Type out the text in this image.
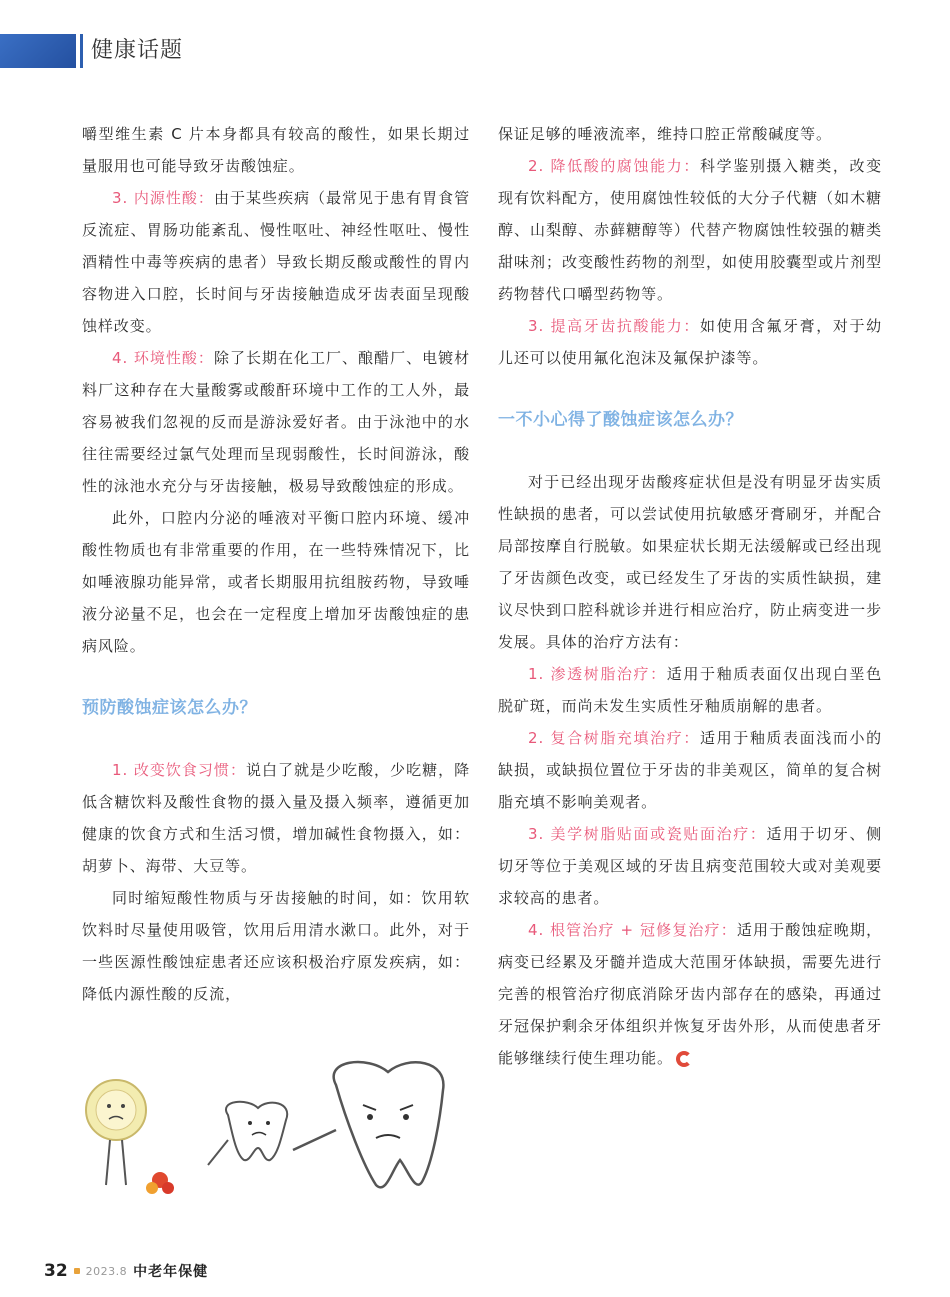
健康话题

嚼型维生素 C 片本身都具有较高的酸性，如果长期过量服用也可能导致牙齿酸蚀症。

3. 内源性酸：由于某些疾病（最常见于患有胃食管反流症、胃肠功能紊乱、慢性呕吐、神经性呕吐、慢性酒精性中毒等疾病的患者）导致长期反酸或酸性的胃内容物进入口腔，长时间与牙齿接触造成牙齿表面呈现酸蚀样改变。

4. 环境性酸：除了长期在化工厂、酿醋厂、电镀材料厂这种存在大量酸雾或酸酐环境中工作的工人外，最容易被我们忽视的反而是游泳爱好者。由于泳池中的水往往需要经过氯气处理而呈现弱酸性，长时间游泳，酸性的泳池水充分与牙齿接触，极易导致酸蚀症的形成。

此外，口腔内分泌的唾液对平衡口腔内环境、缓冲酸性物质也有非常重要的作用，在一些特殊情况下，比如唾液腺功能异常，或者长期服用抗组胺药物，导致唾液分泌量不足，也会在一定程度上增加牙齿酸蚀症的患病风险。

预防酸蚀症该怎么办？

1. 改变饮食习惯：说白了就是少吃酸，少吃糖，降低含糖饮料及酸性食物的摄入量及摄入频率，遵循更加健康的饮食方式和生活习惯，增加碱性食物摄入，如：胡萝卜、海带、大豆等。

同时缩短酸性物质与牙齿接触的时间，如：饮用软饮料时尽量使用吸管，饮用后用清水漱口。此外，对于一些医源性酸蚀症患者还应该积极治疗原发疾病，如：降低内源性酸的反流，

保证足够的唾液流率，维持口腔正常酸碱度等。

2. 降低酸的腐蚀能力：科学鉴别摄入糖类，改变现有饮料配方，使用腐蚀性较低的大分子代糖（如木糖醇、山梨醇、赤藓糖醇等）代替产物腐蚀性较强的糖类甜味剂；改变酸性药物的剂型，如使用胶囊型或片剂型药物替代口嚼型药物等。

3. 提高牙齿抗酸能力：如使用含氟牙膏，对于幼儿还可以使用氟化泡沫及氟保护漆等。

一不小心得了酸蚀症该怎么办？

对于已经出现牙齿酸疼症状但是没有明显牙齿实质性缺损的患者，可以尝试使用抗敏感牙膏刷牙，并配合局部按摩自行脱敏。如果症状长期无法缓解或已经出现了牙齿颜色改变，或已经发生了牙齿的实质性缺损，建议尽快到口腔科就诊并进行相应治疗，防止病变进一步发展。具体的治疗方法有：

1. 渗透树脂治疗：适用于釉质表面仅出现白垩色脱矿斑，而尚未发生实质性牙釉质崩解的患者。

2. 复合树脂充填治疗：适用于釉质表面浅而小的缺损，或缺损位置位于牙齿的非美观区，简单的复合树脂充填不影响美观者。

3. 美学树脂贴面或瓷贴面治疗：适用于切牙、侧切牙等位于美观区域的牙齿且病变范围较大或对美观要求较高的患者。

4. 根管治疗 + 冠修复治疗：适用于酸蚀症晚期，病变已经累及牙髓并造成大范围牙体缺损，需要先进行完善的根管治疗彻底消除牙齿内部存在的感染，再通过牙冠保护剩余牙体组织并恢复牙齿外形，从而使患者牙能够继续行使生理功能。

32 2023.8 中老年保健
